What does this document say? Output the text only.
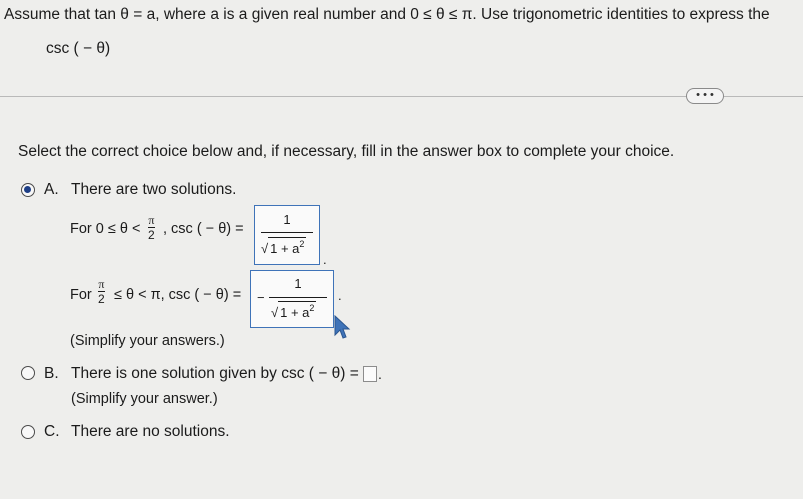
Assume that tan θ = a, where a is a given real number and 0 ≤ θ ≤ π. Use trigonometric identities to express the
csc ( − θ)
• • •
Select the correct choice below and, if necessary, fill in the answer box to complete your choice.
A. There are two solutions.
For $0 \le \theta < \frac{\pi}{2}$ , csc ( − θ) =
1
√ $1 + a^2$
.
For $\frac{\pi}{2} \le \theta < \pi$, csc ( − θ) = −
1
√ $1 + a^2$
.
(Simplify your answers.)
B. There is one solution given by csc ( − θ) = .
(Simplify your answer.)
C. There are no solutions.
